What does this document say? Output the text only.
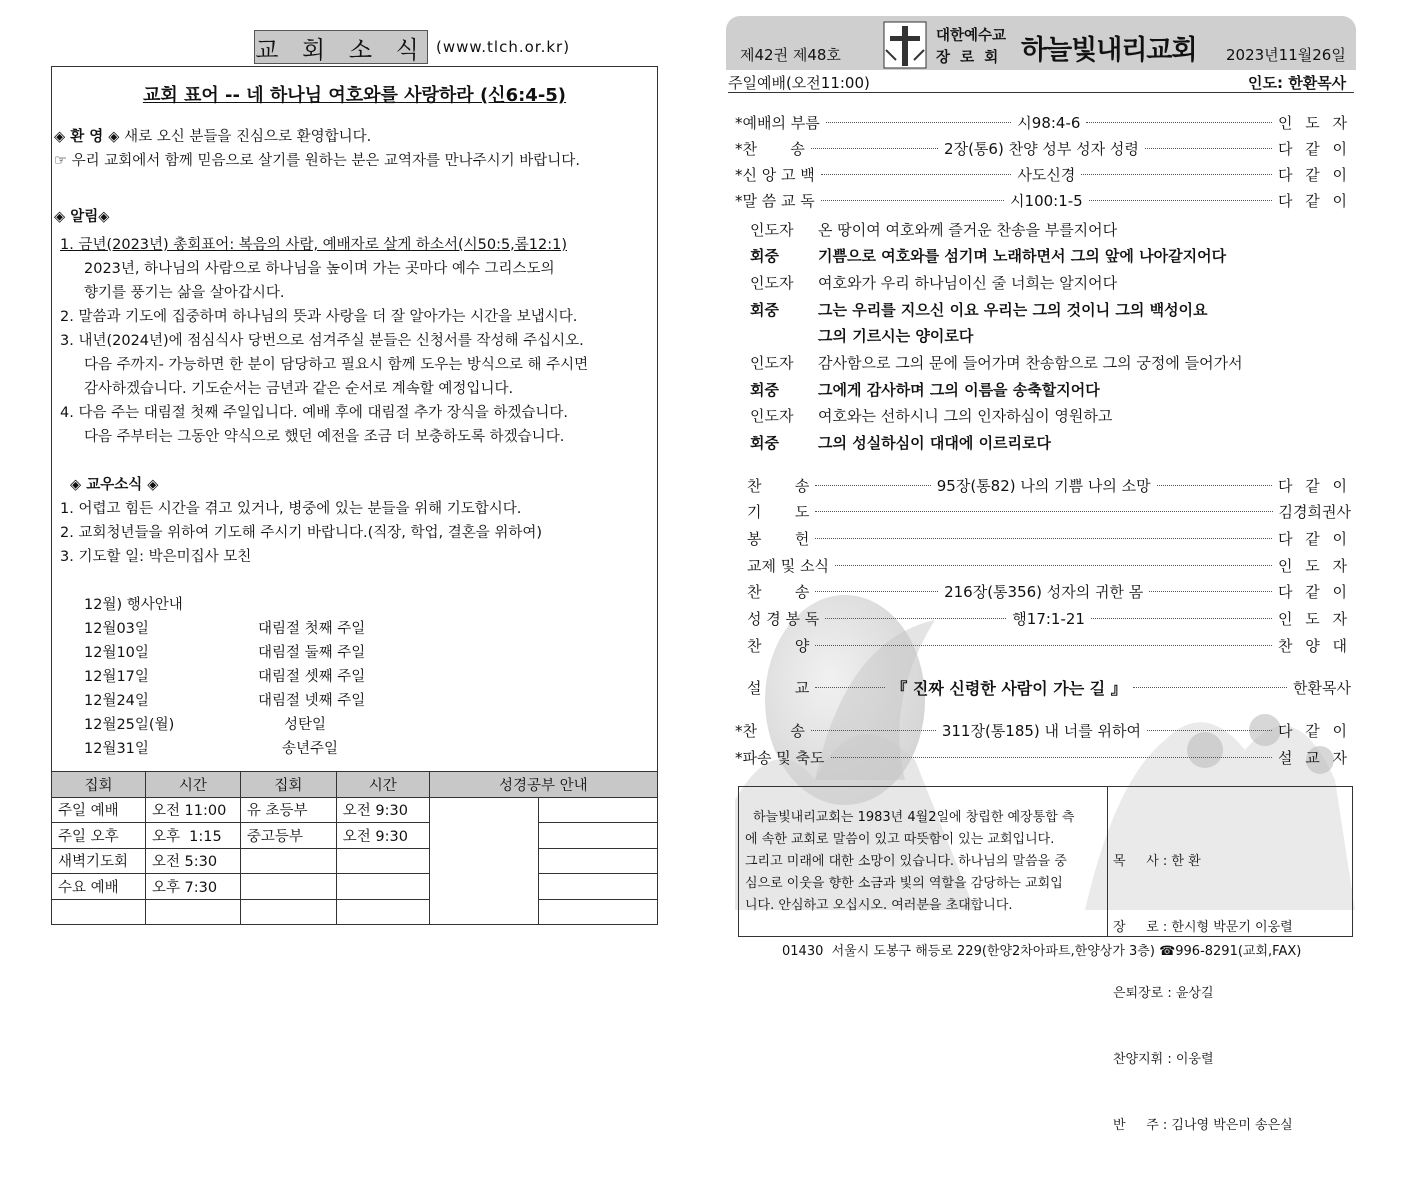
교 회 소 식 (www.tlch.or.kr)
교회 표어 -- 네 하나님 여호와를 사랑하라 (신6:4-5)
◈ 환 영 ◈ 새로 오신 분들을 진심으로 환영합니다.
☞ 우리 교회에서 함께 믿음으로 살기를 원하는 분은 교역자를 만나주시기 바랍니다.
◈ 알림◈
1. 금년(2023년) 총회표어: 복음의 사람, 예배자로 살게 하소서(시50:5,롬12:1)
2023년, 하나님의 사람으로 하나님을 높이며 가는 곳마다 예수 그리스도의
향기를 풍기는 삶을 살아갑시다.
2. 말씀과 기도에 집중하며 하나님의 뜻과 사랑을 더 잘 알아가는 시간을 보냅시다.
3. 내년(2024년)에 점심식사 당번으로 섬겨주실 분들은 신청서를 작성해 주십시오.
다음 주까지- 가능하면 한 분이 담당하고 필요시 함께 도우는 방식으로 해 주시면
감사하겠습니다. 기도순서는 금년과 같은 순서로 계속할 예정입니다.
4. 다음 주는 대림절 첫째 주일입니다. 예배 후에 대림절 추가 장식을 하겠습니다.
다음 주부터는 그동안 약식으로 했던 예전을 조금 더 보충하도록 하겠습니다.
◈ 교우소식 ◈
1. 어렵고 힘든 시간을 겪고 있거나, 병중에 있는 분들을 위해 기도합시다.
2. 교회청년들을 위하여 기도해 주시기 바랍니다.(직장, 학업, 결혼을 위하여)
3. 기도할 일: 박은미집사 모친
12월) 행사안내
12월03일	대림절 첫째 주일
12월10일	대림절 둘째 주일
12월17일	대림절 셋째 주일
12월24일	대림절 넷째 주일
12월25일(월)	성탄일
12월31일	송년주일
집회	시간	집회	시간	성경공부 안내	
주일 예배	오전 11:00	유 초등부	오전 9:30		
주일 오후	오후  1:15	중고등부	오전 9:30		
새벽기도회	오전 5:30				
수요 예배	오후 7:30				

제42권 제48호
대한예수교
장  로  회 하늘빛내리교회 2023년11월26일
주일예배(오전11:00)	인도: 한환목사
*예배의 부름	시98:4-6	인 도 자
*찬       송	2장(통6) 찬양 성부 성자 성령	다 같 이
*신 앙 고 백	사도신경	다 같 이
*말 씀 교 독	시100:1-5	다 같 이
인도자 온 땅이여 여호와께 즐거운 찬송을 부를지어다
회중	기쁨으로 여호와를 섬기며 노래하면서 그의 앞에 나아갈지어다
인도자 여호와가 우리 하나님이신 줄 너희는 알지어다
회중	그는 우리를 지으신 이요 우리는 그의 것이니 그의 백성이요
그의 기르시는 양이로다
인도자 감사함으로 그의 문에 들어가며 찬송함으로 그의 궁정에 들어가서
회중	그에게 감사하며 그의 이름을 송축할지어다
인도자 여호와는 선하시니 그의 인자하심이 영원하고
회중	그의 성실하심이 대대에 이르리로다
찬       송	95장(통82) 나의 기쁨 나의 소망	다 같 이
기       도	김경희권사
봉       헌	다 같 이
교제 및 소식	인 도 자
찬       송	216장(통356) 성자의 귀한 몸	다 같 이
성 경 봉 독	행17:1-21	인 도 자
찬       양	찬 양 대
설       교	『 진짜 신령한 사람이 가는 길 』	한환목사
*찬       송	311장(통185) 내 너를 위하여	다 같 이
*파송 및 축도	설 교 자
하늘빛내리교회는 1983년 4월2일에 창립한 예장통합 측
에 속한 교회로 말씀이 있고 따뜻함이 있는 교회입니다.
그리고 미래에 대한 소망이 있습니다. 하나님의 말씀을 중
심으로 이웃을 향한 소금과 빛의 역할을 감당하는 교회입
니다. 안심하고 오십시오. 여러분을 초대합니다.

목     사 : 한 환

장     로 : 한시형 박문기 이웅렬

은퇴장로 : 윤상길

찬양지휘 : 이웅렬

반     주 : 김나영 박은미 송은실

01430  서울시 도봉구 해등로 229(한양2차아파트,한양상가 3층) ☎996-8291(교회,FAX)
